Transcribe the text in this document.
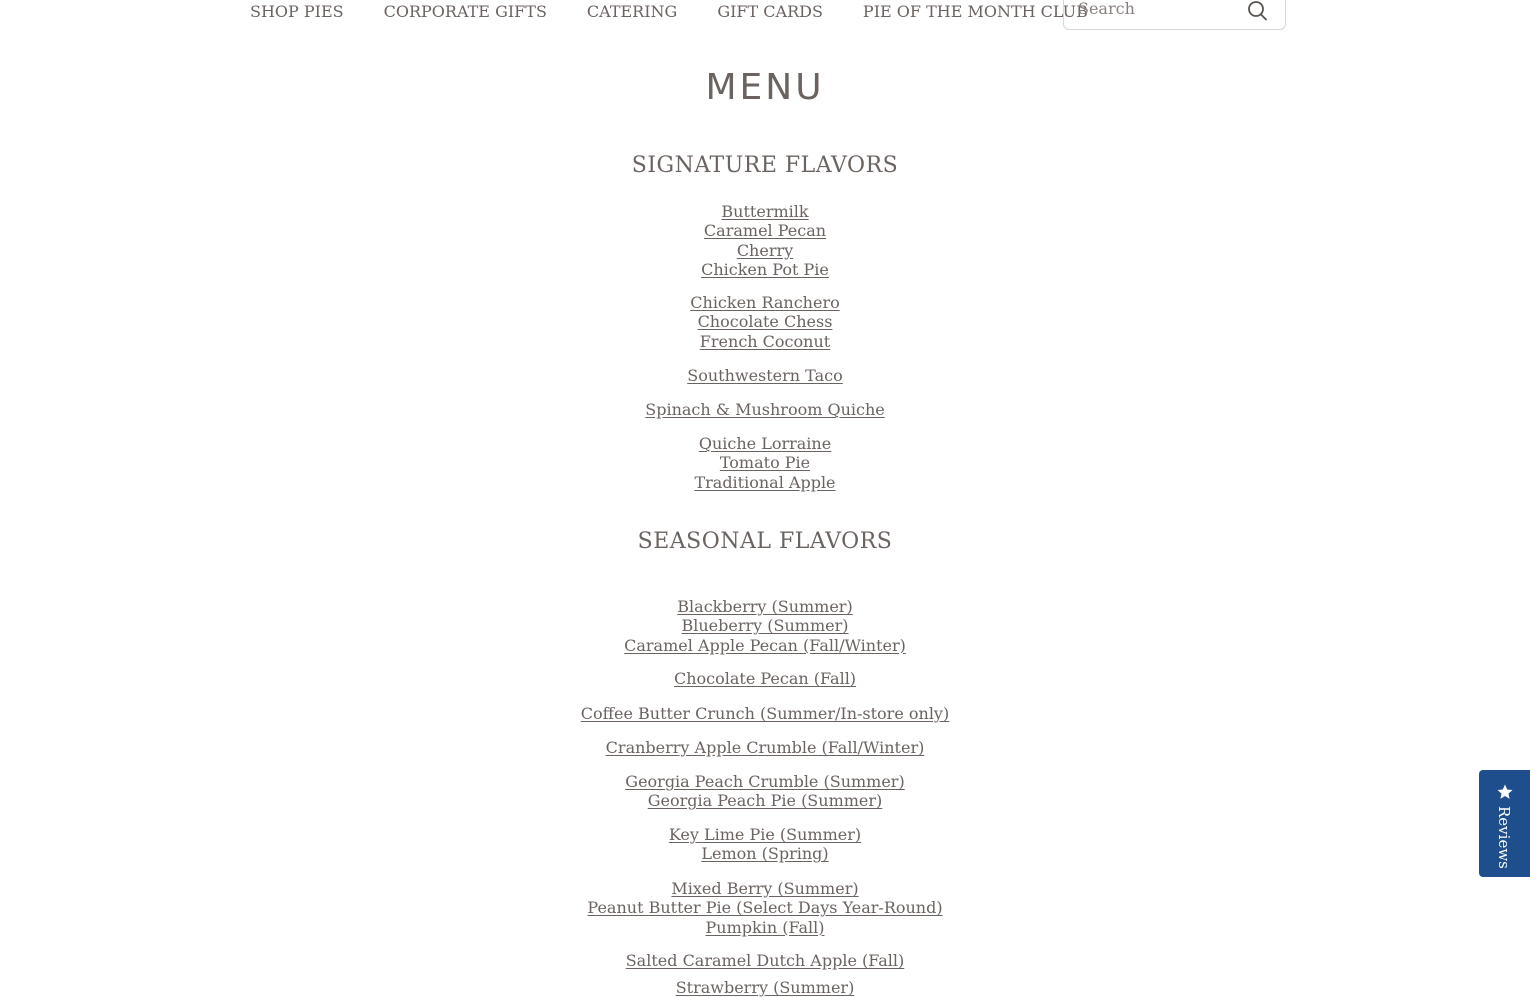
SHOP PIES	CORPORATE GIFTS	CATERING	GIFT CARDS	PIE OF THE MONTH CLUB
Search
MENU
SIGNATURE FLAVORS
Buttermilk
Caramel Pecan
Cherry
Chicken Pot Pie
Chicken Ranchero
Chocolate Chess
French Coconut
Southwestern Taco
Spinach & Mushroom Quiche
Quiche Lorraine
Tomato Pie
Traditional Apple
SEASONAL FLAVORS
Blackberry (Summer)
Blueberry (Summer)
Caramel Apple Pecan (Fall/Winter)
Chocolate Pecan (Fall)
Coffee Butter Crunch (Summer/In-store only)
Cranberry Apple Crumble (Fall/Winter)
Georgia Peach Crumble (Summer)
Georgia Peach Pie (Summer)
Key Lime Pie (Summer)
Lemon (Spring)
Mixed Berry (Summer)
Peanut Butter Pie (Select Days Year-Round)
Pumpkin (Fall)
Salted Caramel Dutch Apple (Fall)
Strawberry (Summer)
Reviews
